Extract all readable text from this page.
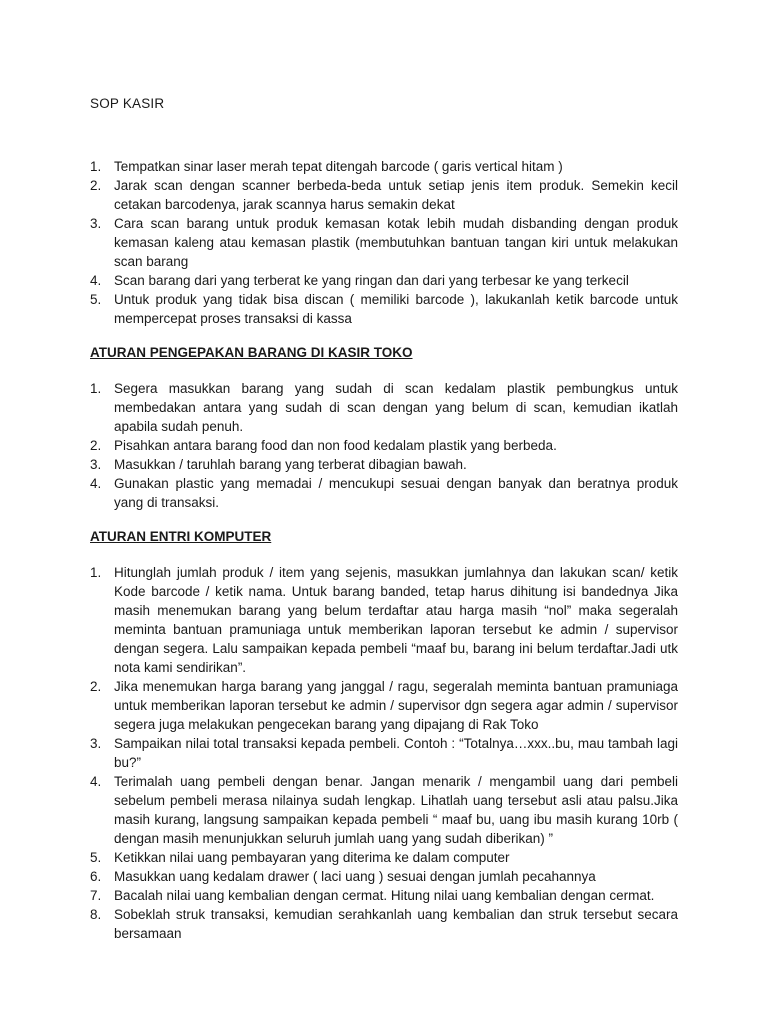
SOP KASIR
1. Tempatkan sinar laser merah tepat ditengah barcode ( garis vertical hitam )
2. Jarak scan dengan scanner berbeda-beda untuk setiap jenis item produk. Semekin kecil cetakan barcodenya, jarak scannya harus semakin dekat
3. Cara scan barang untuk produk kemasan kotak lebih mudah disbanding dengan produk kemasan kaleng atau kemasan plastik (membutuhkan bantuan tangan kiri untuk melakukan scan barang
4. Scan barang dari yang terberat ke yang ringan dan dari yang terbesar ke yang terkecil
5. Untuk produk yang tidak bisa discan ( memiliki barcode ), lakukanlah ketik barcode untuk mempercepat proses transaksi di kassa
ATURAN PENGEPAKAN BARANG DI KASIR TOKO
1. Segera masukkan barang yang sudah di scan kedalam plastik pembungkus untuk membedakan antara yang sudah di scan dengan yang belum di scan, kemudian ikatlah apabila sudah penuh.
2. Pisahkan antara barang food dan non food kedalam plastik yang berbeda.
3. Masukkan / taruhlah barang yang terberat dibagian bawah.
4. Gunakan plastic yang memadai / mencukupi sesuai dengan banyak dan beratnya produk yang di transaksi.
ATURAN ENTRI KOMPUTER
1. Hitunglah jumlah produk / item yang sejenis, masukkan jumlahnya dan lakukan scan/ ketik Kode barcode / ketik nama. Untuk barang banded, tetap harus dihitung isi bandednya Jika masih menemukan barang yang belum terdaftar atau harga masih “nol” maka segeralah meminta bantuan pramuniaga untuk memberikan laporan tersebut ke admin / supervisor dengan segera. Lalu sampaikan kepada pembeli “maaf bu, barang ini belum terdaftar.Jadi utk nota kami sendirikan”.
2. Jika menemukan harga barang yang janggal / ragu, segeralah meminta bantuan pramuniaga untuk memberikan laporan tersebut ke admin / supervisor dgn segera agar admin / supervisor segera juga melakukan pengecekan barang yang dipajang di Rak Toko
3. Sampaikan nilai total transaksi kepada pembeli. Contoh : “Totalnya…xxx..bu, mau tambah lagi bu?”
4. Terimalah uang pembeli dengan benar. Jangan menarik / mengambil uang dari pembeli sebelum pembeli merasa nilainya sudah lengkap. Lihatlah uang tersebut asli atau palsu.Jika masih kurang, langsung sampaikan kepada pembeli “ maaf bu, uang ibu masih kurang 10rb ( dengan masih menunjukkan seluruh jumlah uang yang sudah diberikan) ”
5. Ketikkan nilai uang pembayaran yang diterima ke dalam computer
6. Masukkan uang kedalam drawer ( laci uang ) sesuai dengan jumlah pecahannya
7. Bacalah nilai uang kembalian dengan cermat. Hitung nilai uang kembalian dengan cermat.
8. Sobeklah struk transaksi, kemudian serahkanlah uang kembalian dan struk tersebut secara bersamaan
